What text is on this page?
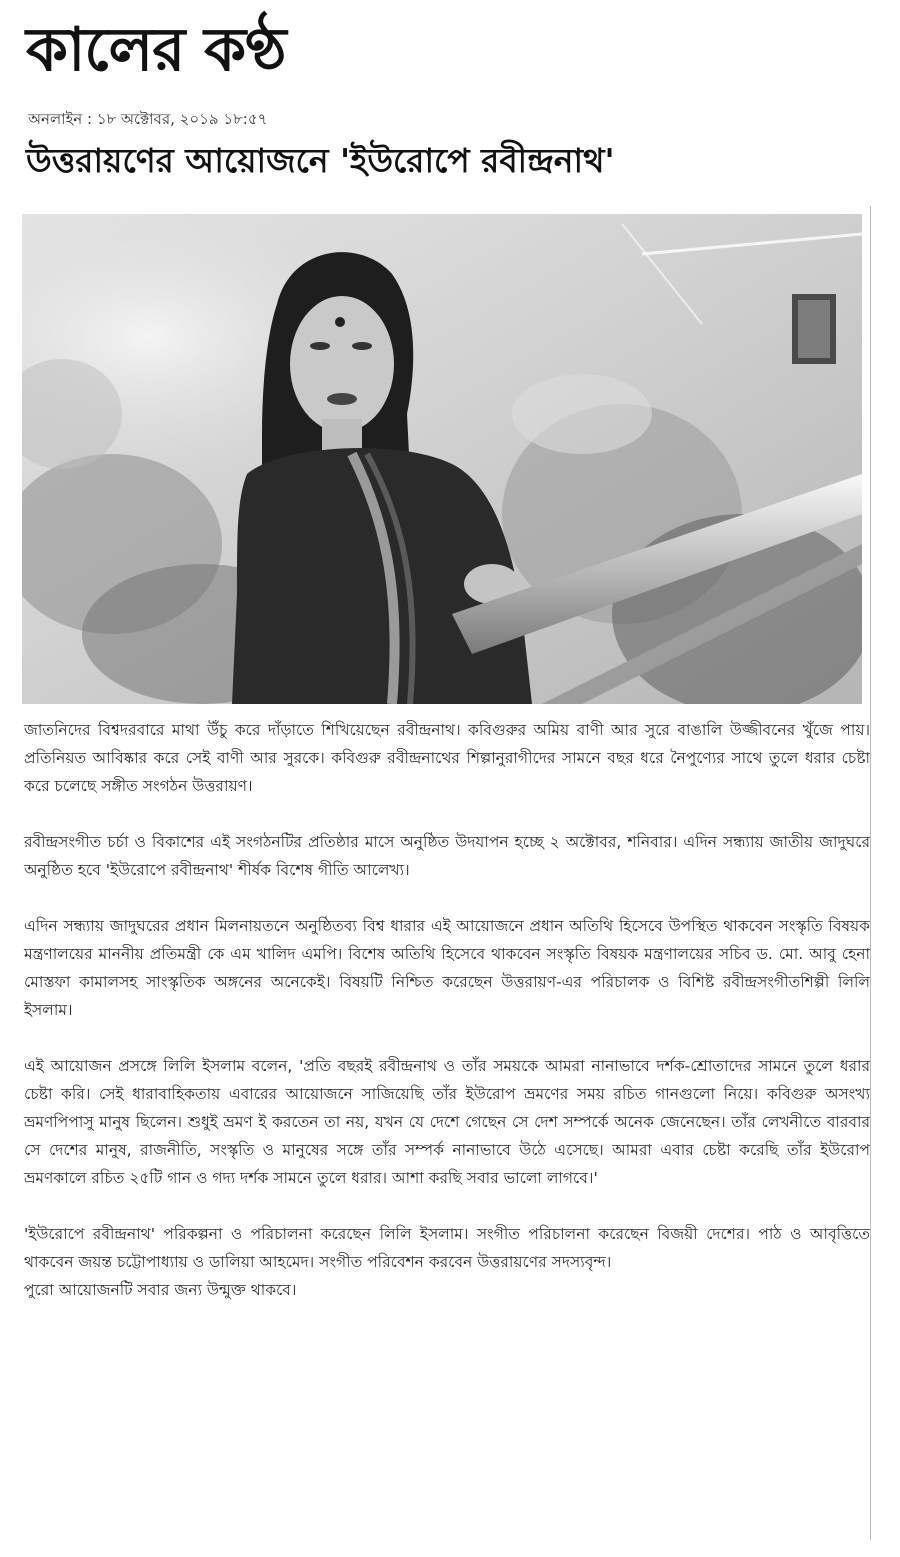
কালের কণ্ঠ
অনলাইন : ১৮ অক্টোবর, ২০১৯ ১৮:৫৭
উত্তরায়ণের আয়োজনে 'ইউরোপে রবীন্দ্রনাথ'

জাতনিদের বিশ্বদরবারে মাথা উঁচু করে দাঁড়াতে শিখিয়েছেন রবীন্দ্রনাথ। কবিগুরুর অমিয় বাণী আর সুরে বাঙালি উজ্জীবনের খুঁজে পায়। প্রতিনিয়ত আবিষ্কার করে সেই বাণী আর সুরকে। কবিগুরু রবীন্দ্রনাথের শিল্পানুরাগীদের সামনে বছর ধরে নৈপুণ্যের সাথে তুলে ধরার চেষ্টা করে চলেছে সঙ্গীত সংগঠন উত্তরায়ণ।

রবীন্দ্রসংগীত চর্চা ও বিকাশের এই সংগঠনটির প্রতিষ্ঠার মাসে অনুষ্ঠিত উদযাপন হচ্ছে ২ অক্টোবর, শনিবার। এদিন সন্ধ্যায় জাতীয় জাদুঘরে অনুষ্ঠিত হবে 'ইউরোপে রবীন্দ্রনাথ' শীর্ষক বিশেষ গীতি আলেখ্য।

এদিন সন্ধ্যায় জাদুঘরের প্রধান মিলনায়তনে অনুষ্ঠিতব্য বিশ্ব ধারার এই আয়োজনে প্রধান অতিথি হিসেবে উপস্থিত থাকবেন সংস্কৃতি বিষয়ক মন্ত্রণালয়ের মাননীয় প্রতিমন্ত্রী কে এম খালিদ এমপি। বিশেষ অতিথি হিসেবে থাকবেন সংস্কৃতি বিষয়ক মন্ত্রণালয়ের সচিব ড. মো. আবু হেনা মোস্তফা কামালসহ সাংস্কৃতিক অঙ্গনের অনেকেই। বিষয়টি নিশ্চিত করেছেন উত্তরায়ণ-এর পরিচালক ও বিশিষ্ট রবীন্দ্রসংগীতশিল্পী লিলি ইসলাম।

এই আয়োজন প্রসঙ্গে লিলি ইসলাম বলেন, 'প্রতি বছরই রবীন্দ্রনাথ ও তাঁর সময়কে আমরা নানাভাবে দর্শক-শ্রোতাদের সামনে তুলে ধরার চেষ্টা করি। সেই ধারাবাহিকতায় এবারের আয়োজনে সাজিয়েছি তাঁর ইউরোপ ভ্রমণের সময় রচিত গানগুলো নিয়ে। কবিগুরু অসংখ্য ভ্রমণপিপাসু মানুষ ছিলেন। শুধুই ভ্রমণ ই করতেন তা নয়, যখন যে দেশে গেছেন সে দেশ সম্পর্কে অনেক জেনেছেন। তাঁর লেখনীতে বারবার সে দেশের মানুষ, রাজনীতি, সংস্কৃতি ও মানুষের সঙ্গে তাঁর সম্পর্ক নানাভাবে উঠে এসেছে। আমরা এবার চেষ্টা করেছি তাঁর ইউরোপ ভ্রমণকালে রচিত ২৫টি গান ও গদ্য দর্শক সামনে তুলে ধরার। আশা করছি সবার ভালো লাগবে।'

'ইউরোপে রবীন্দ্রনাথ' পরিকল্পনা ও পরিচালনা করেছেন লিলি ইসলাম। সংগীত পরিচালনা করেছেন বিজয়ী দেশের। পাঠ ও আবৃত্তিতে থাকবেন জয়ন্ত চট্টোপাধ্যায় ও ডালিয়া আহমেদ। সংগীত পরিবেশন করবেন উত্তরায়ণের সদস্যবৃন্দ।

পুরো আয়োজনটি সবার জন্য উন্মুক্ত থাকবে।
